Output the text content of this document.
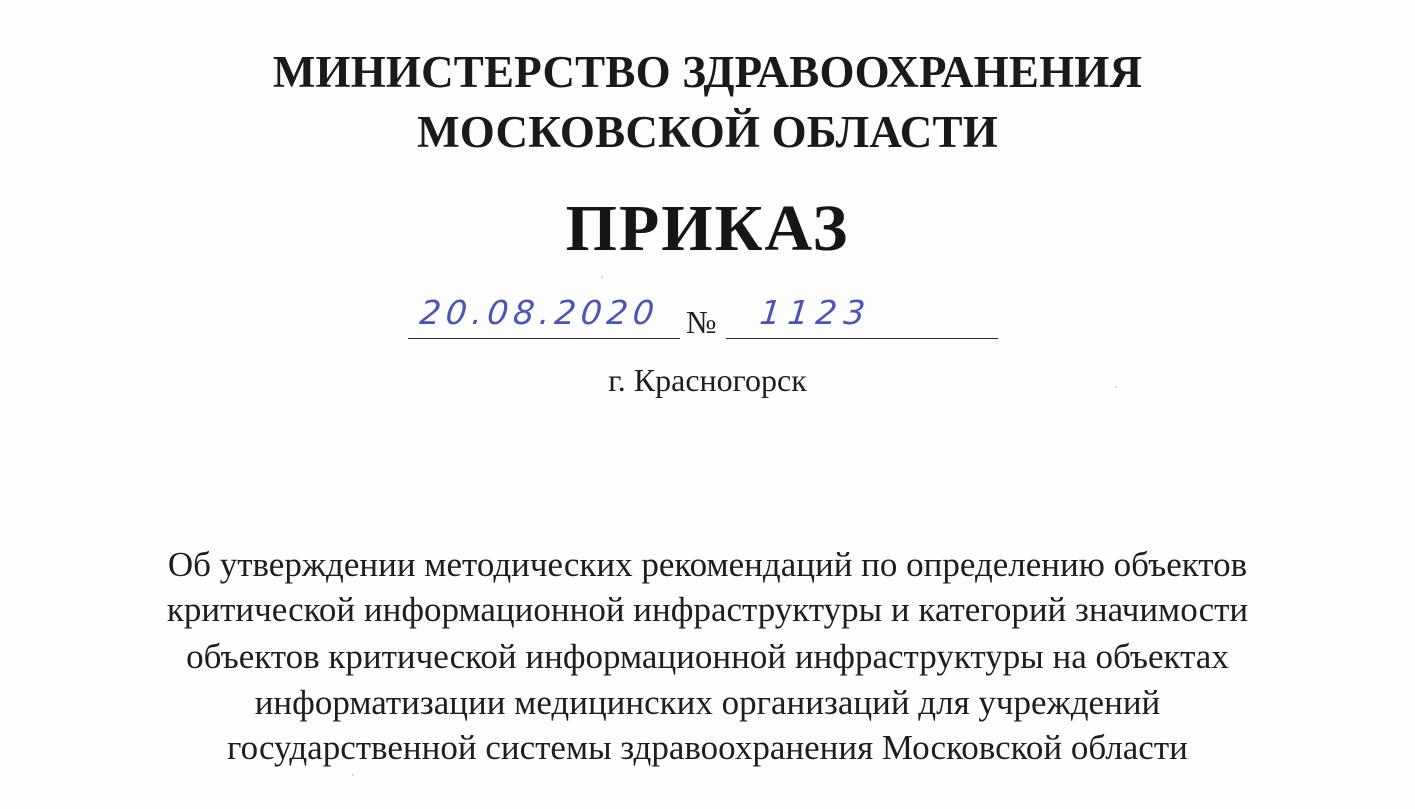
МИНИСТЕРСТВО ЗДРАВООХРАНЕНИЯ
МОСКОВСКОЙ ОБЛАСТИ
ПРИКАЗ
20.08.2020 № 1123
г. Красногорск
Об утверждении методических рекомендаций по определению объектов
критической информационной инфраструктуры и категорий значимости
объектов критической информационной инфраструктуры на объектах
информатизации медицинских организаций для учреждений
государственной системы здравоохранения Московской области
